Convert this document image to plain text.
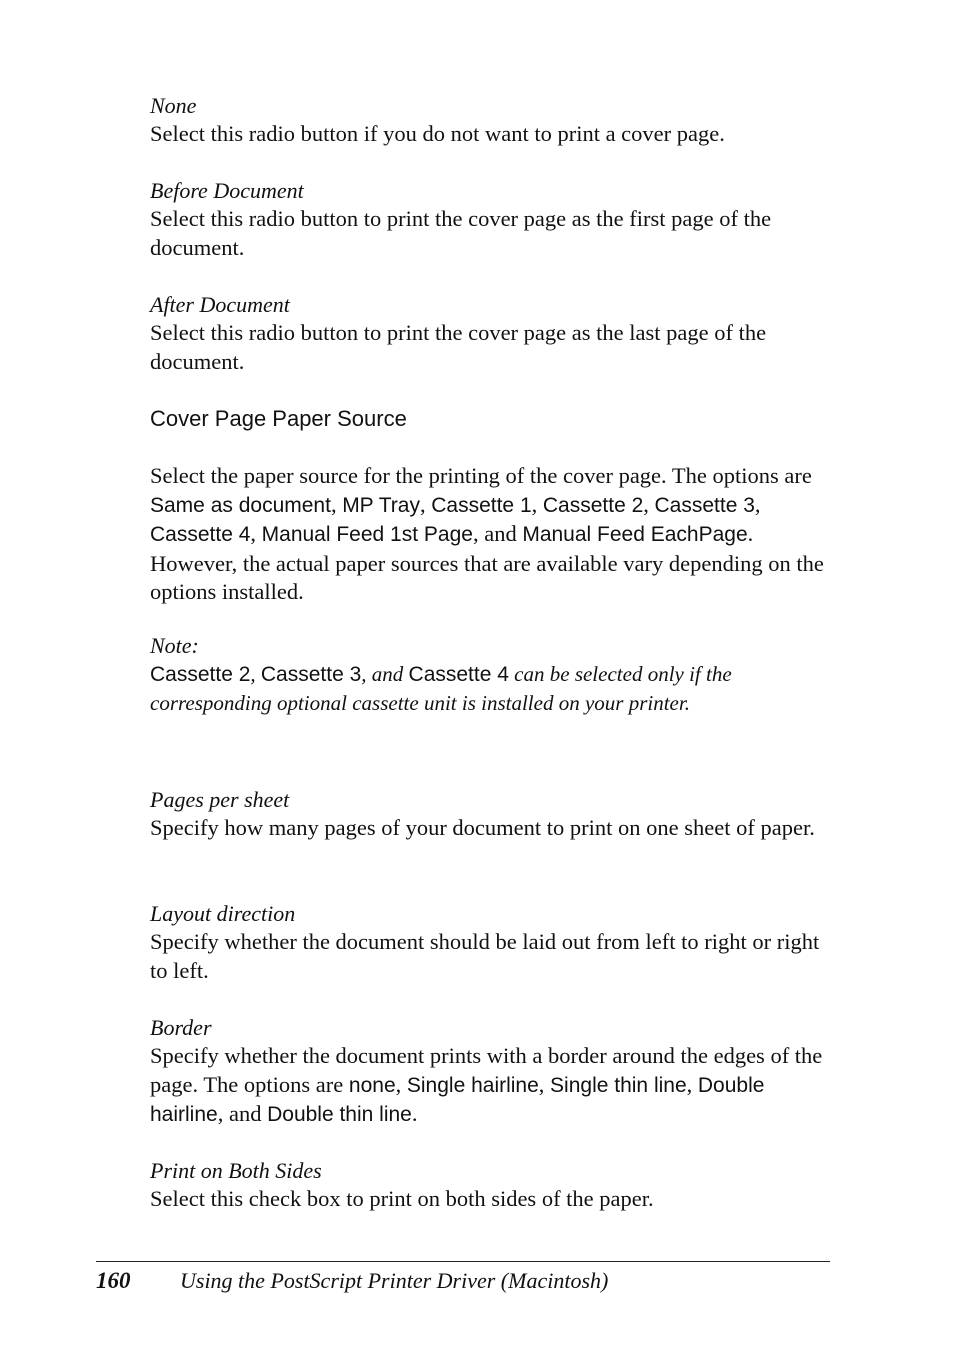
None

Select this radio button if you do not want to print a cover page.

Before Document

Select this radio button to print the cover page as the first page of the document.

After Document

Select this radio button to print the cover page as the last page of the document.

Cover Page Paper Source

Select the paper source for the printing of the cover page. The options are Same as document, MP Tray, Cassette 1, Cassette 2, Cassette 3, Cassette 4, Manual Feed 1st Page, and Manual Feed EachPage. However, the actual paper sources that are available vary depending on the options installed.

Note:

Cassette 2, Cassette 3, and Cassette 4 can be selected only if the corresponding optional cassette unit is installed on your printer.

Pages per sheet

Specify how many pages of your document to print on one sheet of paper.

Layout direction

Specify whether the document should be laid out from left to right or right to left.

Border

Specify whether the document prints with a border around the edges of the page. The options are none, Single hairline, Single thin line, Double hairline, and Double thin line.

Print on Both Sides

Select this check box to print on both sides of the paper.

160 Using the PostScript Printer Driver (Macintosh)
